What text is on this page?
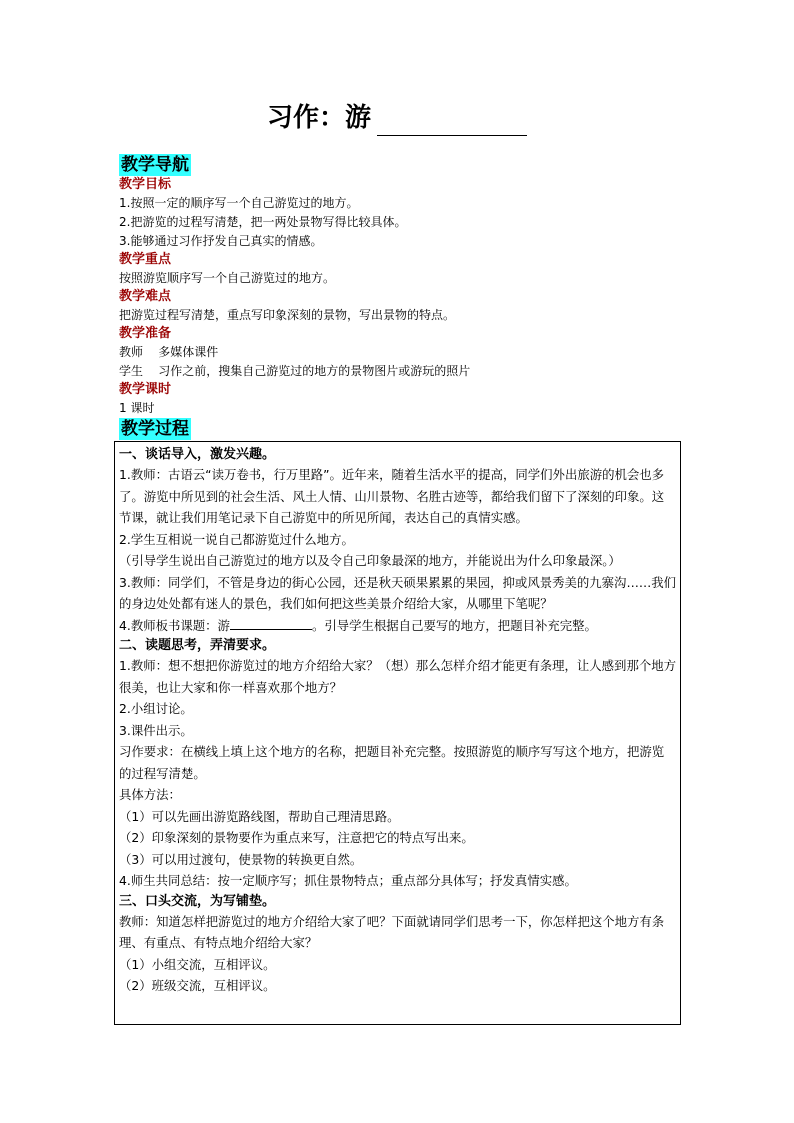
习作：游
教学导航
教学目标
1.按照一定的顺序写一个自己游览过的地方。
2.把游览的过程写清楚，把一两处景物写得比较具体。
3.能够通过习作抒发自己真实的情感。
教学重点
按照游览顺序写一个自己游览过的地方。
教学难点
把游览过程写清楚，重点写印象深刻的景物，写出景物的特点。
教学准备
教师    多媒体课件
学生    习作之前，搜集自己游览过的地方的景物图片或游玩的照片
教学课时
1 课时
教学过程
一、谈话导入，激发兴趣。
1.教师：古语云“读万卷书，行万里路”。近年来，随着生活水平的提高，同学们外出旅游的机会也多了。游览中所见到的社会生活、风土人情、山川景物、名胜古迹等，都给我们留下了深刻的印象。这节课，就让我们用笔记录下自己游览中的所见所闻，表达自己的真情实感。
2.学生互相说一说自己都游览过什么地方。
（引导学生说出自己游览过的地方以及令自己印象最深的地方，并能说出为什么印象最深。）
3.教师：同学们，不管是身边的街心公园，还是秋天硕果累累的果园，抑或风景秀美的九寨沟……我们的身边处处都有迷人的景色，我们如何把这些美景介绍给大家，从哪里下笔呢？
4.教师板书课题：游	。引导学生根据自己要写的地方，把题目补充完整。
二、读题思考，弄清要求。
1.教师：想不想把你游览过的地方介绍给大家？（想）那么怎样介绍才能更有条理，让人感到那个地方很美，也让大家和你一样喜欢那个地方？
2.小组讨论。
3.课件出示。
习作要求：在横线上填上这个地方的名称，把题目补充完整。按照游览的顺序写写这个地方，把游览的过程写清楚。
具体方法：
（1）可以先画出游览路线图，帮助自己理清思路。
（2）印象深刻的景物要作为重点来写，注意把它的特点写出来。
（3）可以用过渡句，使景物的转换更自然。
4.师生共同总结：按一定顺序写；抓住景物特点；重点部分具体写；抒发真情实感。
三、口头交流，为写铺垫。
教师：知道怎样把游览过的地方介绍给大家了吧？下面就请同学们思考一下，你怎样把这个地方有条理、有重点、有特点地介绍给大家？
（1）小组交流，互相评议。
（2）班级交流，互相评议。
